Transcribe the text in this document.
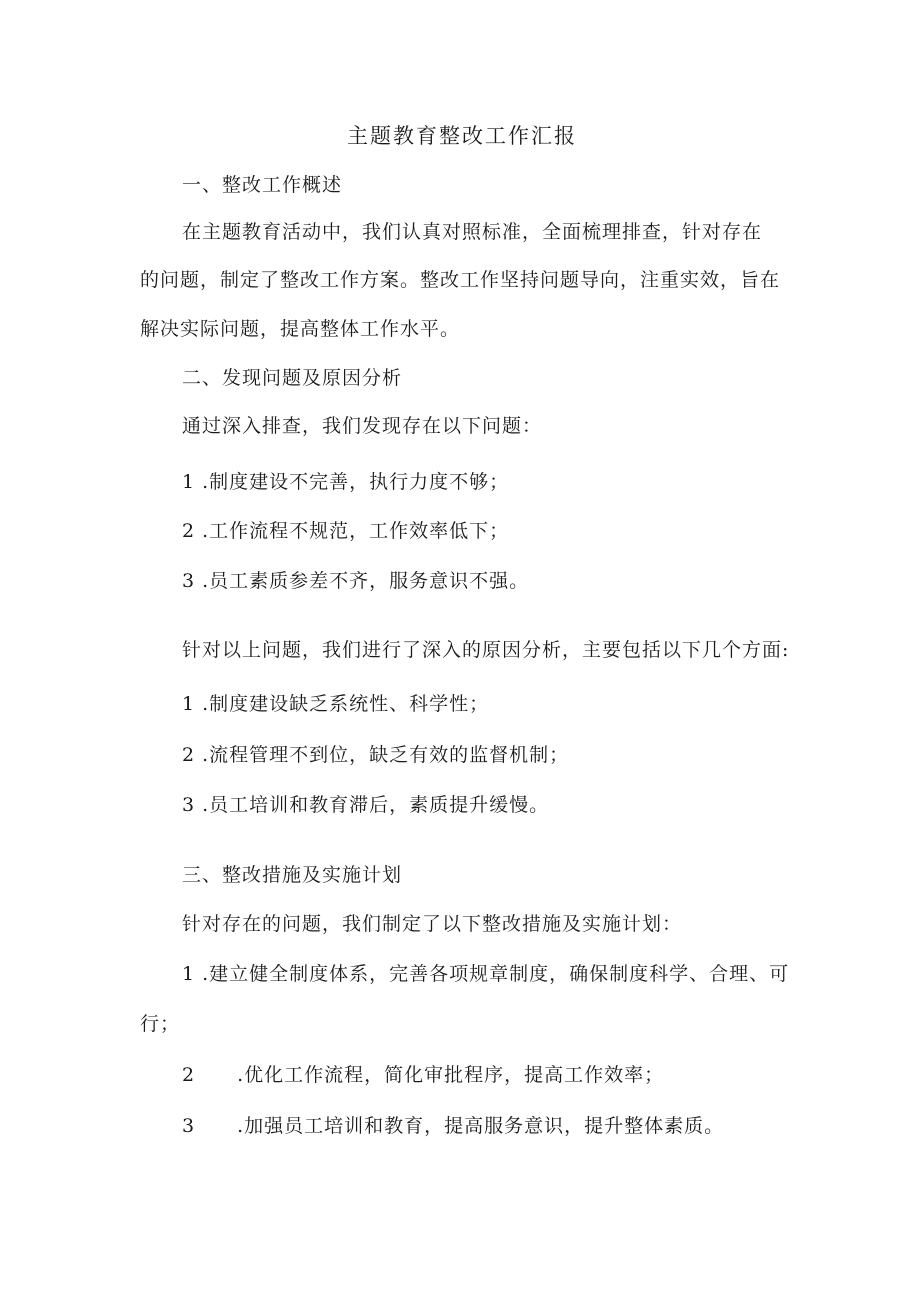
主题教育整改工作汇报
一、整改工作概述
在主题教育活动中，我们认真对照标准，全面梳理排查，针对存在
的问题，制定了整改工作方案。整改工作坚持问题导向，注重实效，旨在
解决实际问题，提高整体工作水平。
二、发现问题及原因分析
通过深入排查，我们发现存在以下问题：
1 .制度建设不完善，执行力度不够；
2 .工作流程不规范，工作效率低下；
3 .员工素质参差不齐，服务意识不强。
针对以上问题，我们进行了深入的原因分析，主要包括以下几个方面:
1 .制度建设缺乏系统性、科学性；
2 .流程管理不到位，缺乏有效的监督机制；
3 .员工培训和教育滞后，素质提升缓慢。
三、整改措施及实施计划
针对存在的问题，我们制定了以下整改措施及实施计划：
1 .建立健全制度体系，完善各项规章制度，确保制度科学、合理、可
行；
2 .优化工作流程，简化审批程序，提高工作效率；
3 .加强员工培训和教育，提高服务意识，提升整体素质。
